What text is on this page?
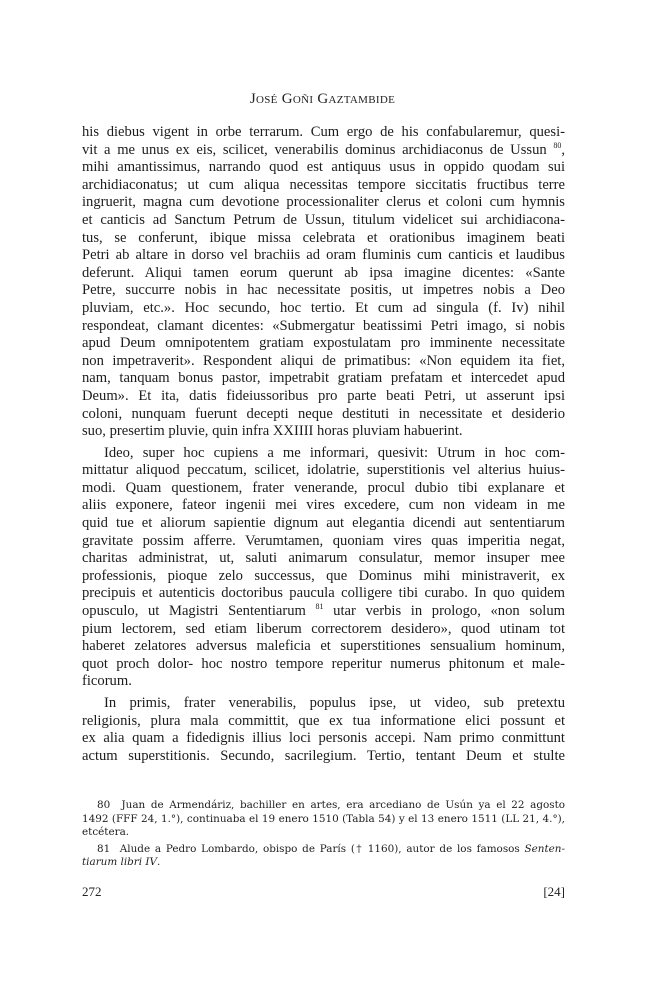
José Goñi Gaztambide
his diebus vigent in orbe terrarum. Cum ergo de his confabularemur, quesi-
vit a me unus ex eis, scilicet, venerabilis dominus archidiaconus de Ussun $^{80}$,
mihi amantissimus, narrando quod est antiquus usus in oppido quodam sui
archidiaconatus; ut cum aliqua necessitas tempore siccitatis fructibus terre
ingruerit, magna cum devotione processionaliter clerus et coloni cum hymnis
et canticis ad Sanctum Petrum de Ussun, titulum videlicet sui archidiacona-
tus, se conferunt, ibique missa celebrata et orationibus imaginem beati
Petri ab altare in dorso vel brachiis ad oram fluminis cum canticis et laudibus
deferunt. Aliqui tamen eorum querunt ab ipsa imagine dicentes: «Sante
Petre, succurre nobis in hac necessitate positis, ut impetres nobis a Deo
pluviam, etc.». Hoc secundo, hoc tertio. Et cum ad singula (f. Iv) nihil
respondeat, clamant dicentes: «Submergatur beatissimi Petri imago, si nobis
apud Deum omnipotentem gratiam expostulatam pro imminente necessitate
non impetraverit». Respondent aliqui de primatibus: «Non equidem ita fiet,
nam, tanquam bonus pastor, impetrabit gratiam prefatam et intercedet apud
Deum». Et ita, datis fideiussoribus pro parte beati Petri, ut asserunt ipsi
coloni, nunquam fuerunt decepti neque destituti in necessitate et desiderio
suo, presertim pluvie, quin infra XXIIII horas pluviam habuerint.
Ideo, super hoc cupiens a me informari, quesivit: Utrum in hoc com-
mittatur aliquod peccatum, scilicet, idolatrie, superstitionis vel alterius huius-
modi. Quam questionem, frater venerande, procul dubio tibi explanare et
aliis exponere, fateor ingenii mei vires excedere, cum non videam in me
quid tue et aliorum sapientie dignum aut elegantia dicendi aut sententiarum
gravitate possim afferre. Verumtamen, quoniam vires quas imperitia negat,
charitas administrat, ut, saluti animarum consulatur, memor insuper mee
professionis, pioque zelo successus, que Dominus mihi ministraverit, ex
precipuis et autenticis doctoribus paucula colligere tibi curabo. In quo quidem
opusculo, ut Magistri Sententiarum $^{81}$ utar verbis in prologo, «non solum
pium lectorem, sed etiam liberum correctorem desidero», quod utinam tot
haberet zelatores adversus maleficia et superstitiones sensualium hominum,
quot proch dolor- hoc nostro tempore reperitur numerus phitonum et male-
ficorum.
In primis, frater venerabilis, populus ipse, ut video, sub pretextu
religionis, plura mala committit, que ex tua informatione elici possunt et
ex alia quam a fidedignis illius loci personis accepi. Nam primo conmittunt
actum superstitionis. Secundo, sacrilegium. Tertio, tentant Deum et stulte
80 Juan de Armendáriz, bachiller en artes, era arcediano de Usún ya el 22 agosto
1492 (FFF 24, 1.°), continuaba el 19 enero 1510 (Tabla 54) y el 13 enero 1511 (LL 21, 4.°),
etcétera.
81 Alude a Pedro Lombardo, obispo de París († 1160), autor de los famosos Senten-
tiarum libri IV.
272	[24]
